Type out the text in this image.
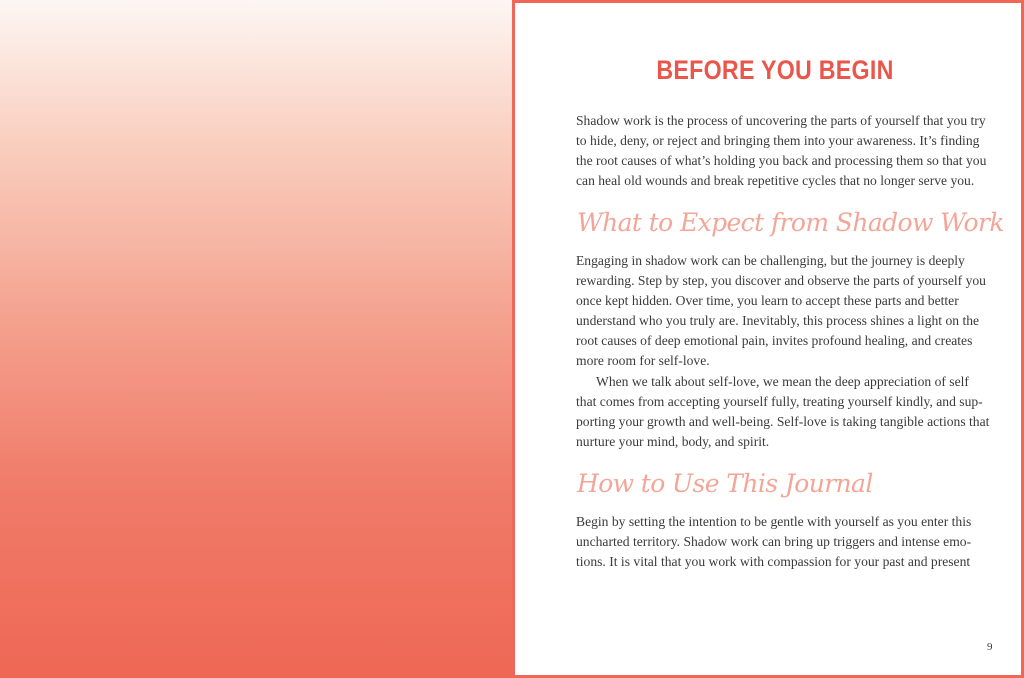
BEFORE YOU BEGIN
Shadow work is the process of uncovering the parts of yourself that you try
to hide, deny, or reject and bringing them into your awareness. It’s finding
the root causes of what’s holding you back and processing them so that you
can heal old wounds and break repetitive cycles that no longer serve you.
What to Expect from Shadow Work
Engaging in shadow work can be challenging, but the journey is deeply
rewarding. Step by step, you discover and observe the parts of yourself you
once kept hidden. Over time, you learn to accept these parts and better
understand who you truly are. Inevitably, this process shines a light on the
root causes of deep emotional pain, invites profound healing, and creates
more room for self-love.
When we talk about self-love, we mean the deep appreciation of self
that comes from accepting yourself fully, treating yourself kindly, and sup-
porting your growth and well-being. Self-love is taking tangible actions that
nurture your mind, body, and spirit.
How to Use This Journal
Begin by setting the intention to be gentle with yourself as you enter this
uncharted territory. Shadow work can bring up triggers and intense emo-
tions. It is vital that you work with compassion for your past and present
9
